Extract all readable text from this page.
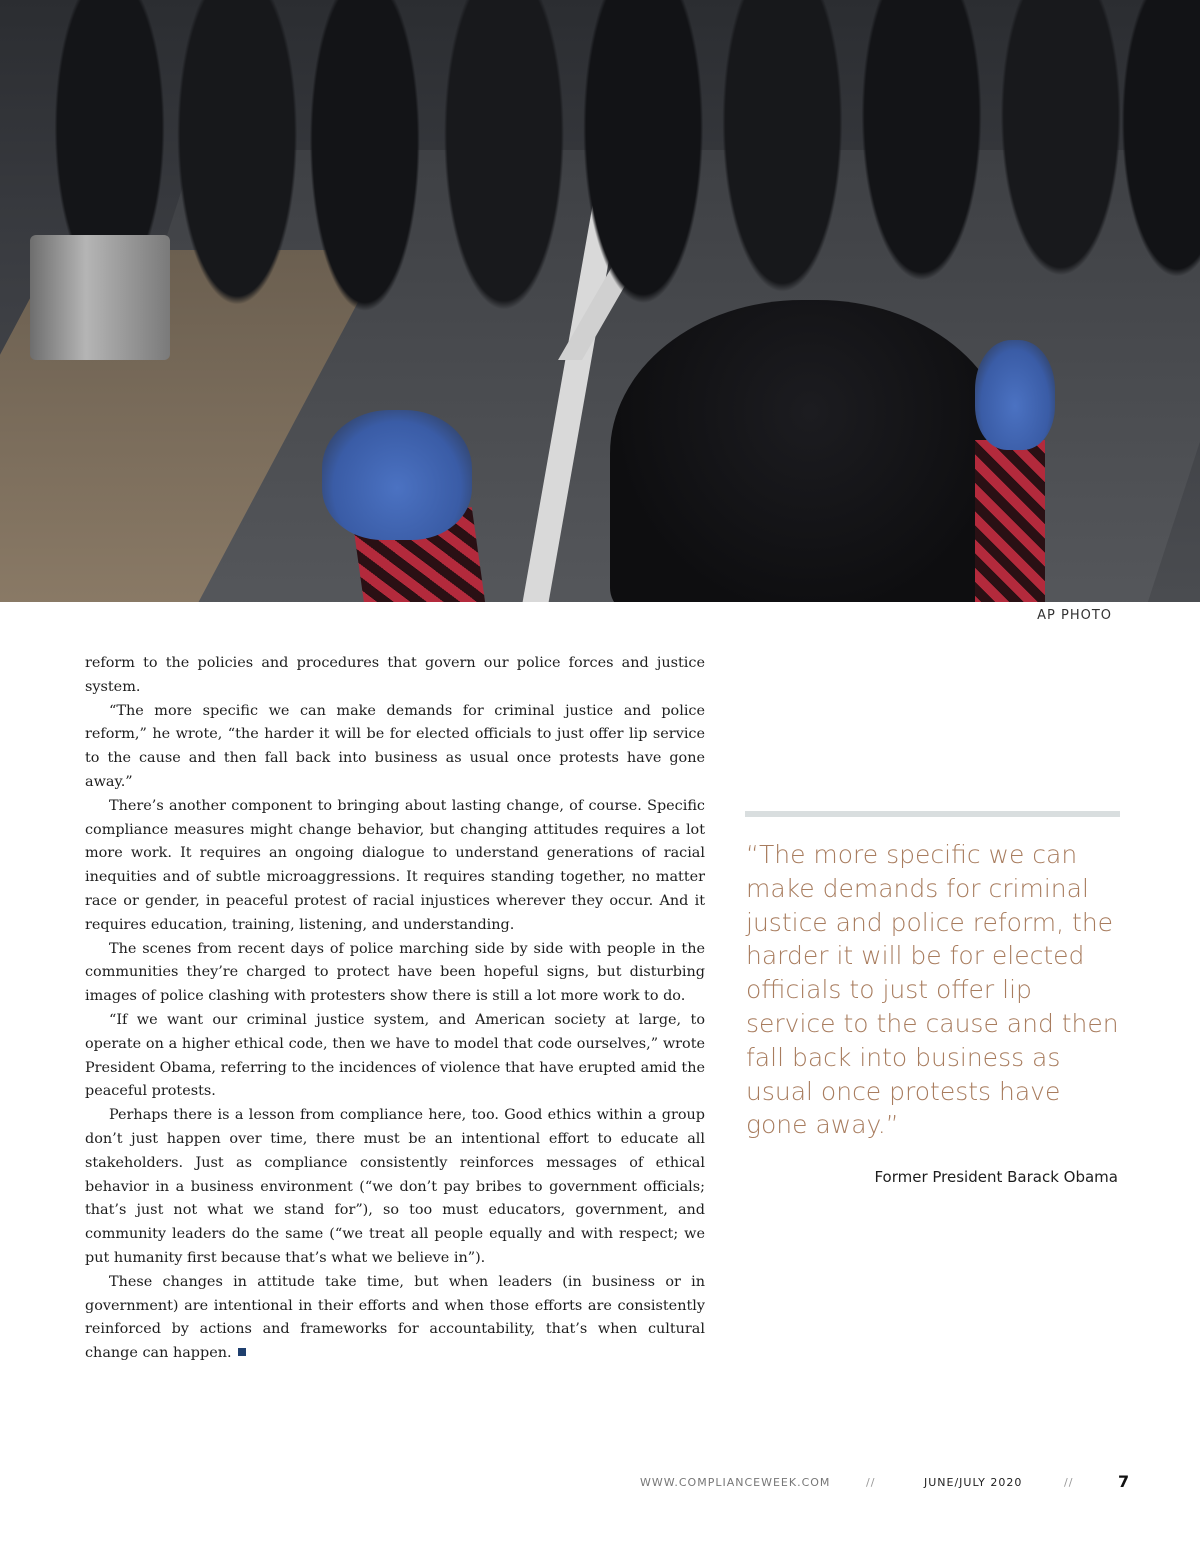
AP PHOTO

reform to the policies and procedures that govern our police forces and justice system.

“The more specific we can make demands for criminal justice and police reform,” he wrote, “the harder it will be for elected officials to just offer lip service to the cause and then fall back into business as usual once protests have gone away.”

There’s another component to bringing about lasting change, of course. Specific compliance measures might change behavior, but changing attitudes requires a lot more work. It requires an ongoing dialogue to understand generations of racial inequities and of subtle microaggressions. It requires standing together, no matter race or gender, in peaceful protest of racial injustices wherever they occur. And it requires education, training, listening, and understanding.

The scenes from recent days of police marching side by side with people in the communities they’re charged to protect have been hopeful signs, but disturbing images of police clashing with protesters show there is still a lot more work to do.

“If we want our criminal justice system, and American society at large, to operate on a higher ethical code, then we have to model that code ourselves,” wrote President Obama, referring to the incidences of violence that have erupted amid the peaceful protests.

Perhaps there is a lesson from compliance here, too. Good ethics within a group don’t just happen over time, there must be an intentional effort to educate all stakeholders. Just as compliance consistently reinforces messages of ethical behavior in a business environment (“we don’t pay bribes to government officials; that’s just not what we stand for”), so too must educators, government, and community leaders do the same (“we treat all people equally and with respect; we put humanity first because that’s what we believe in”).

These changes in attitude take time, but when leaders (in business or in government) are intentional in their efforts and when those efforts are consistently reinforced by actions and frameworks for accountability, that’s when cultural change can happen.

“The more specific we can make demands for criminal justice and police reform, the harder it will be for elected officials to just offer lip service to the cause and then fall back into business as usual once protests have gone away.”
Former President Barack Obama
WWW.COMPLIANCEWEEK.COM	//	JUNE/JULY 2020	//	7
